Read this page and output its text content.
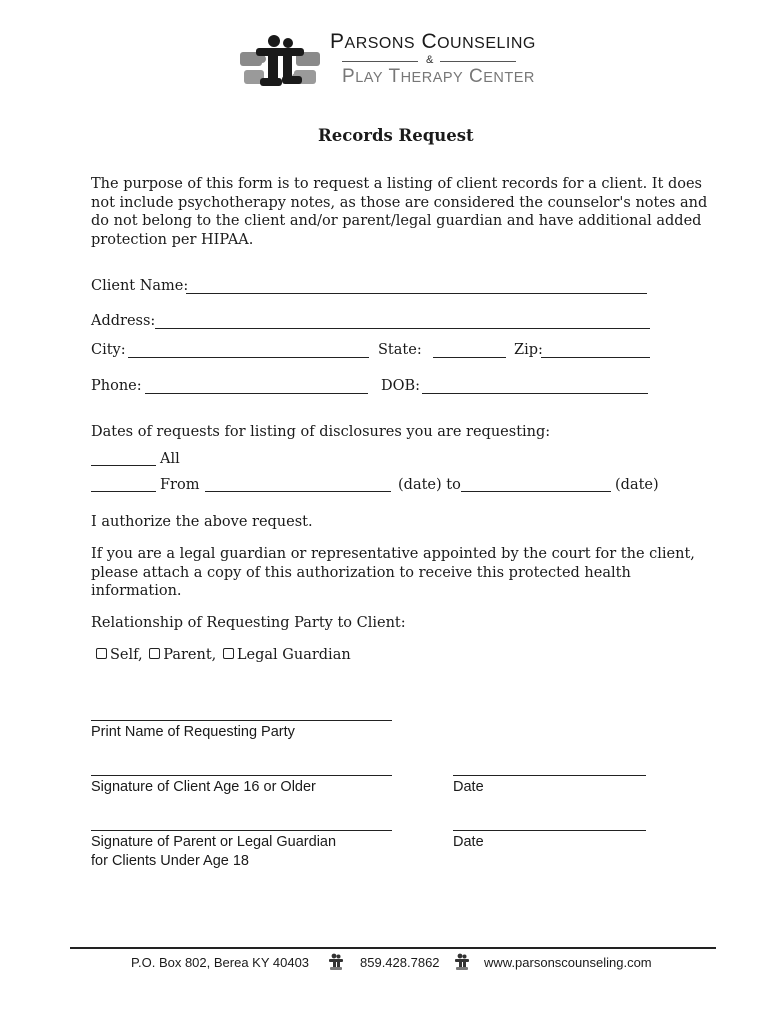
PARSONS COUNSELING
&
PLAY THERAPY CENTER
Records Request
The purpose of this form is to request a listing of client records for a client. It does
not include psychotherapy notes, as those are considered the counselor's notes and
do not belong to the client and/or parent/legal guardian and have additional added
protection per HIPAA.
Client Name:
Address:
City:	State:	Zip:
Phone:	DOB:
Dates of requests for listing of disclosures you are requesting:
All
From	(date) to	(date)
I authorize the above request.
If you are a legal guardian or representative appointed by the court for the client,
please attach a copy of this authorization to receive this protected health
information.
Relationship of Requesting Party to Client:
Self, Parent, Legal Guardian
Print Name of Requesting Party
Signature of Client Age 16 or Older	Date
Signature of Parent or Legal Guardian
for Clients Under Age 18
Date
P.O. Box 802, Berea KY 40403	859.428.7862	www.parsonscounseling.com
